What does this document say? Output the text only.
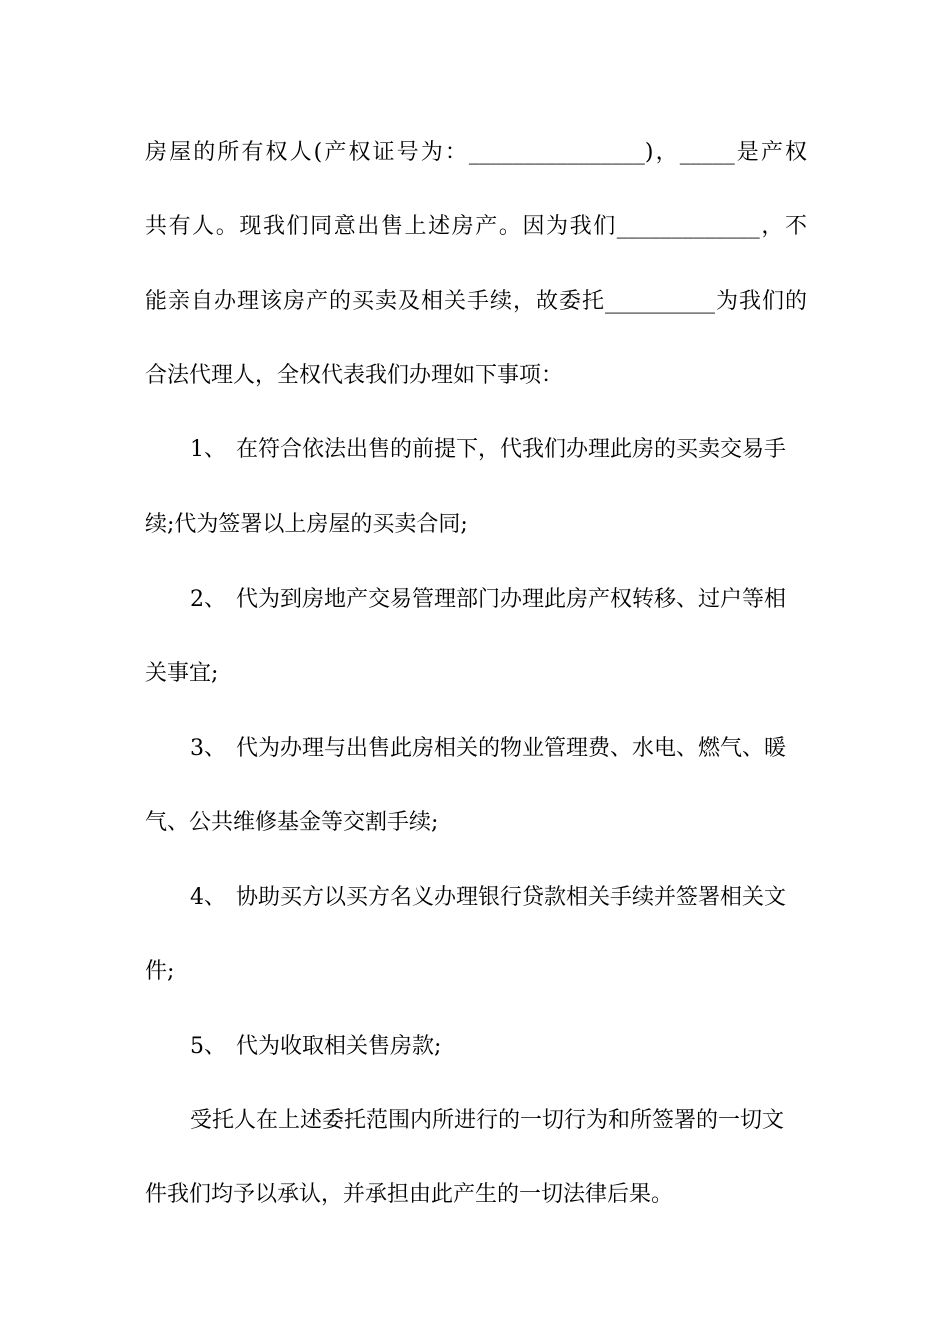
房屋的所有权人(产权证号为：________________)，_____是产权
共有人。现我们同意出售上述房产。因为我们_____________，不
能亲自办理该房产的买卖及相关手续，故委托__________为我们的
合法代理人，全权代表我们办理如下事项：
1、 在符合依法出售的前提下，代我们办理此房的买卖交易手
续;代为签署以上房屋的买卖合同;
2、 代为到房地产交易管理部门办理此房产权转移、过户等相
关事宜;
3、 代为办理与出售此房相关的物业管理费、水电、燃气、暖
气、公共维修基金等交割手续;
4、 协助买方以买方名义办理银行贷款相关手续并签署相关文
件;
5、 代为收取相关售房款;
受托人在上述委托范围内所进行的一切行为和所签署的一切文
件我们均予以承认，并承担由此产生的一切法律后果。
